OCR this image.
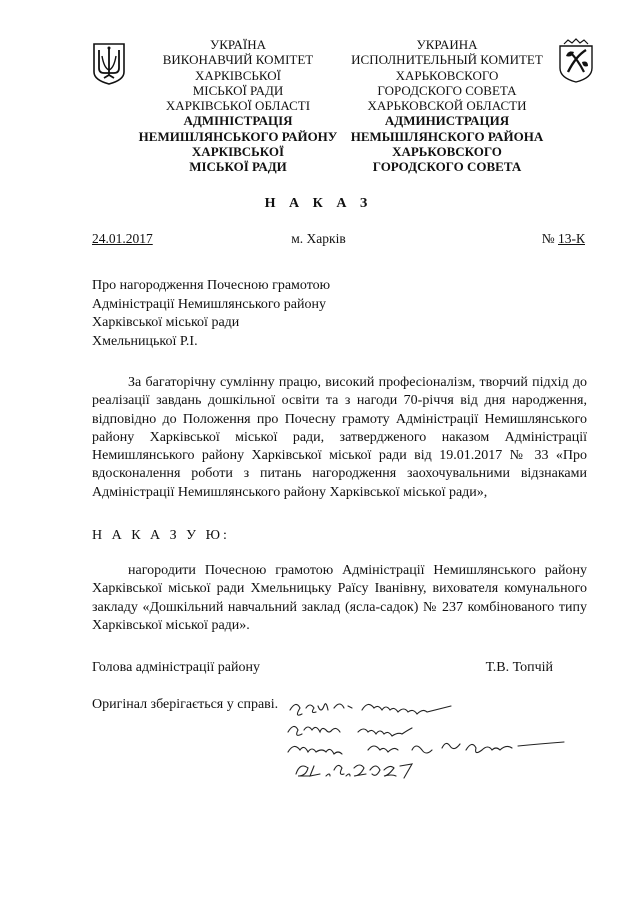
УКРАЇНА
ВИКОНАВЧИЙ КОМІТЕТ
ХАРКІВСЬКОЇ
МІСЬКОЇ РАДИ
ХАРКІВСЬКОЇ ОБЛАСТІ
АДМІНІСТРАЦІЯ
НЕМИШЛЯНСЬКОГО РАЙОНУ
ХАРКІВСЬКОЇ
МІСЬКОЇ РАДИ
УКРАИНА
ИСПОЛНИТЕЛЬНЫЙ КОМИТЕТ
ХАРЬКОВСКОГО
ГОРОДСКОГО СОВЕТА
ХАРЬКОВСКОЙ ОБЛАСТИ
АДМИНИСТРАЦИЯ
НЕМЫШЛЯНСКОГО РАЙОНА
ХАРЬКОВСКОГО
ГОРОДСКОГО СОВЕТА
Н А К А З
24.01.2017	м. Харків	№ 13-К
Про нагородження Почесною грамотою
Адміністрації Немишлянського району
Харківської міської ради
Хмельницької Р.І.
За багаторічну сумлінну працю, високий професіоналізм, творчий підхід до реалізації завдань дошкільної освіти та з нагоди 70-річчя від дня народження, відповідно до Положення про Почесну грамоту Адміністрації Немишлянського району Харківської міської ради, затвердженого наказом Адміністрації Немишлянського району Харківської міської ради від 19.01.2017 № 33 «Про вдосконалення роботи з питань нагородження заохочувальними відзнаками Адміністрації Немишлянського району Харківської міської ради»,
Н А К А З У Ю:
нагородити Почесною грамотою Адміністрації Немишлянського району Харківської міської ради Хмельницьку Раїсу Іванівну, вихователя комунального закладу «Дошкільний навчальний заклад (ясла-садок) № 237 комбінованого типу Харківської міської ради».
Голова адміністрації району	Т.В. Топчій
Оригінал зберігається у справі.
